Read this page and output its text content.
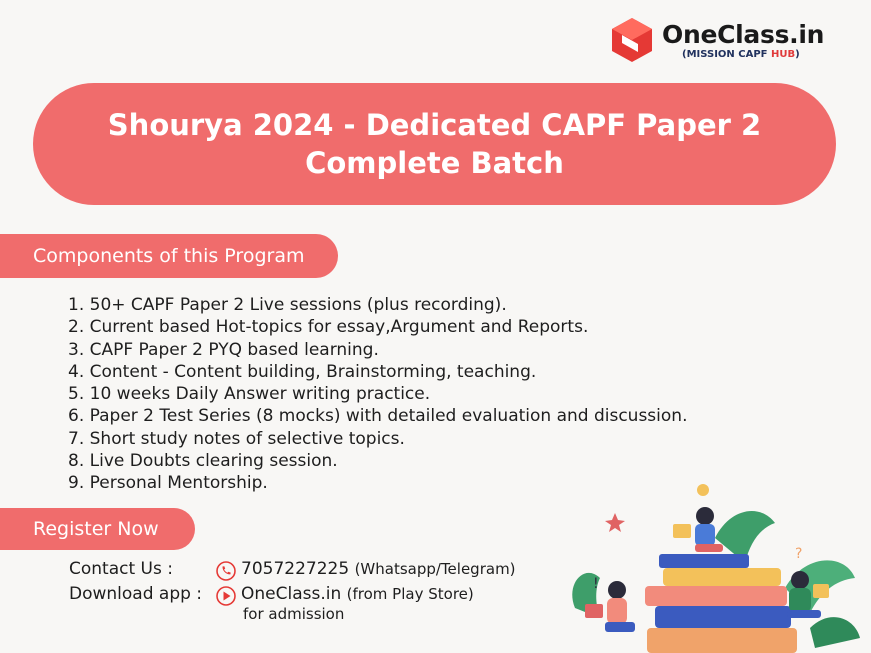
OneClass.in
(MISSION CAPF HUB)
Shourya 2024 - Dedicated CAPF Paper 2 Complete Batch
Components of this Program
1. 50+ CAPF Paper 2 Live sessions (plus recording).
2. Current based Hot-topics for essay,Argument and Reports.
3. CAPF Paper 2 PYQ based learning.
4. Content - Content building, Brainstorming, teaching.
5. 10 weeks Daily Answer writing practice.
6. Paper 2 Test Series (8 mocks) with detailed evaluation and discussion.
7. Short study notes of selective topics.
8. Live Doubts clearing session.
9. Personal Mentorship.
Register Now
Contact Us :	7057227225 (Whatsapp/Telegram)
Download app :	OneClass.in (from Play Store)
for admission
?
!
